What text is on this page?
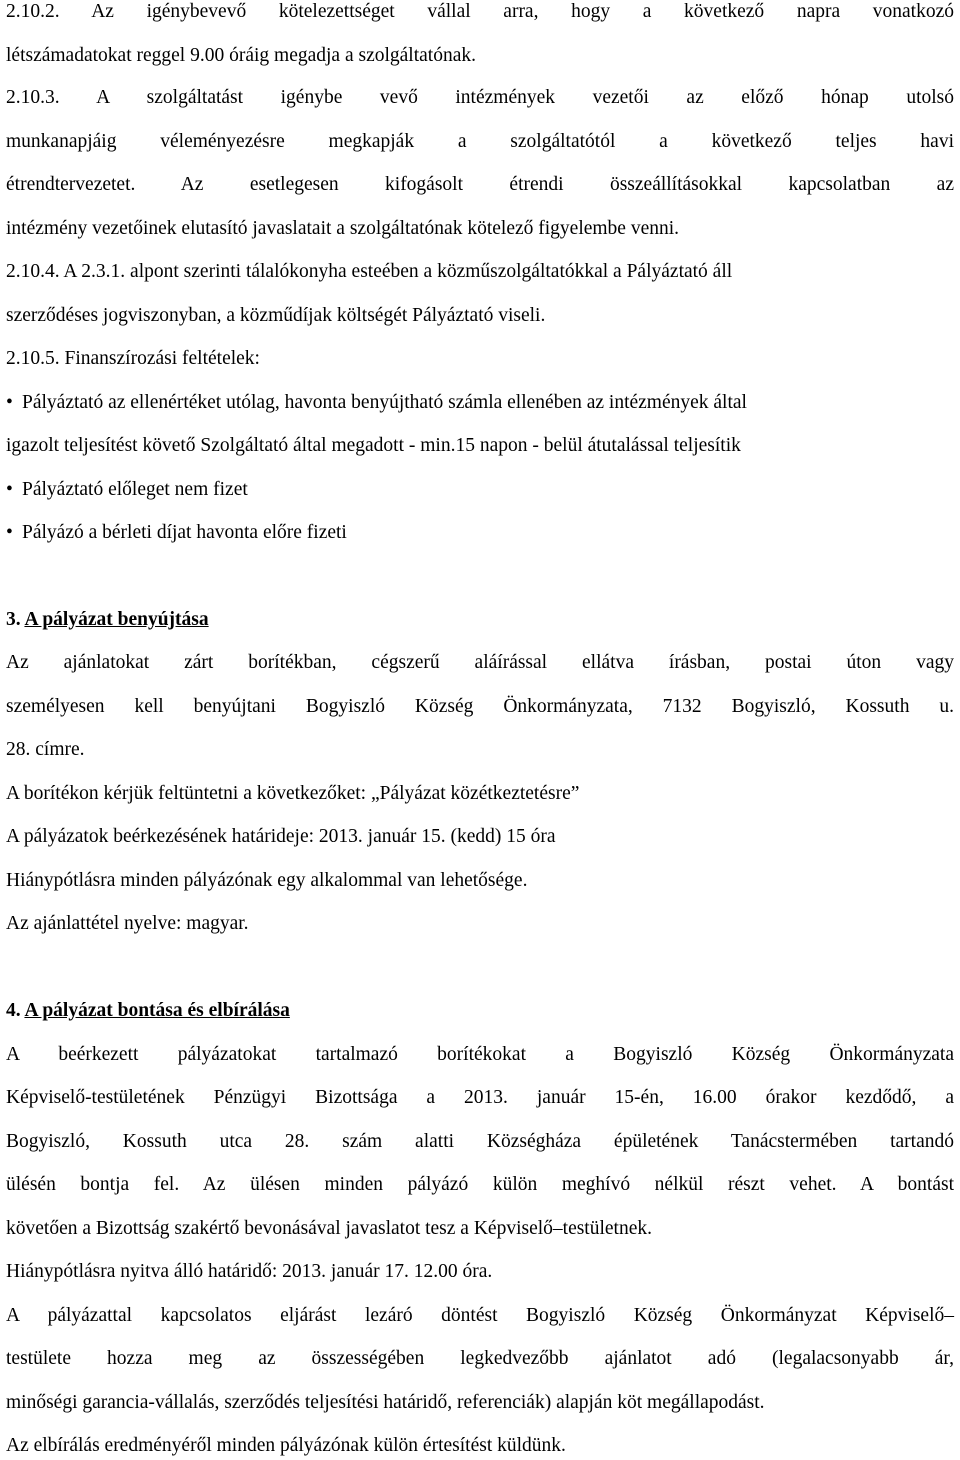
2.10.2. Az igénybevevő kötelezettséget vállal arra, hogy a következő napra vonatkozó
létszámadatokat reggel 9.00 óráig megadja a szolgáltatónak.
2.10.3. A szolgáltatást igénybe vevő intézmények vezetői az előző hónap utolsó
munkanapjáig véleményezésre megkapják a szolgáltatótól a következő teljes havi
étrendtervezetet. Az esetlegesen kifogásolt étrendi összeállításokkal kapcsolatban az
intézmény vezetőinek elutasító javaslatait a szolgáltatónak kötelező figyelembe venni.
2.10.4. A 2.3.1. alpont szerinti tálalókonyha esteében a közműszolgáltatókkal a Pályáztató áll
szerződéses jogviszonyban, a közműdíjak költségét Pályáztató viseli.
2.10.5. Finanszírozási feltételek:
• Pályáztató az ellenértéket utólag, havonta benyújtható számla ellenében az intézmények által
igazolt teljesítést követő Szolgáltató által megadott - min.15 napon - belül átutalással teljesítik
• Pályáztató előleget nem fizet
• Pályázó a bérleti díjat havonta előre fizeti
3. A pályázat benyújtása
Az ajánlatokat zárt borítékban, cégszerű aláírással ellátva írásban, postai úton vagy
személyesen kell benyújtani Bogyiszló Község Önkormányzata, 7132 Bogyiszló, Kossuth u.
28. címre.
A borítékon kérjük feltüntetni a következőket: „Pályázat közétkeztetésre”
A pályázatok beérkezésének határideje: 2013. január 15. (kedd) 15 óra
Hiánypótlásra minden pályázónak egy alkalommal van lehetősége.
Az ajánlattétel nyelve: magyar.
4. A pályázat bontása és elbírálása
A beérkezett pályázatokat tartalmazó borítékokat a Bogyiszló Község Önkormányzata
Képviselő-testületének Pénzügyi Bizottsága a 2013. január 15-én, 16.00 órakor kezdődő, a
Bogyiszló, Kossuth utca 28. szám alatti Községháza épületének Tanácstermében tartandó
ülésén bontja fel. Az ülésen minden pályázó külön meghívó nélkül részt vehet. A bontást
követően a Bizottság szakértő bevonásával javaslatot tesz a Képviselő–testületnek.
Hiánypótlásra nyitva álló határidő: 2013. január 17. 12.00 óra.
A pályázattal kapcsolatos eljárást lezáró döntést Bogyiszló Község Önkormányzat Képviselő–
testülete hozza meg az összességében legkedvezőbb ajánlatot adó (legalacsonyabb ár,
minőségi garancia-vállalás, szerződés teljesítési határidő, referenciák) alapján köt megállapodást.
Az elbírálás eredményéről minden pályázónak külön értesítést küldünk.
